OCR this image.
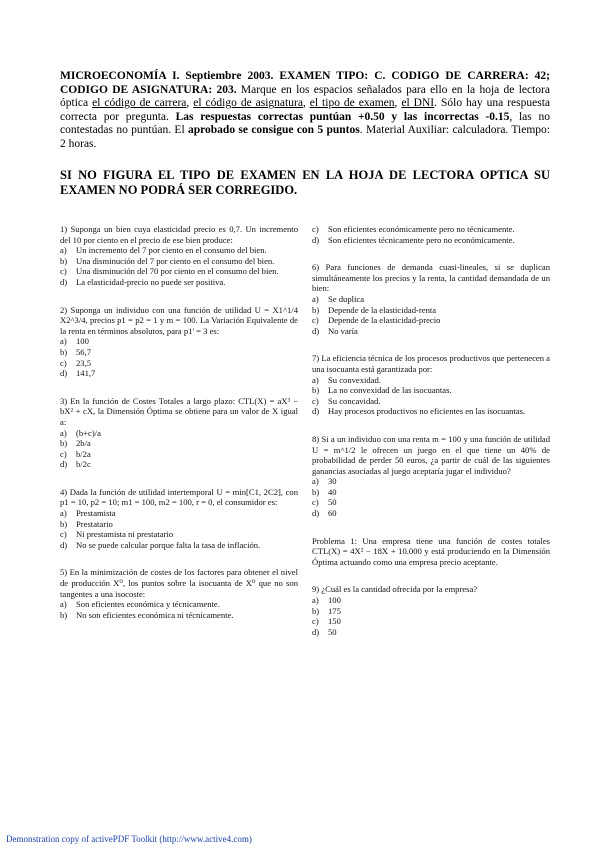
MICROECONOMÍA I. Septiembre 2003. EXAMEN TIPO: C. CODIGO DE CARRERA: 42; CODIGO DE ASIGNATURA: 203. Marque en los espacios señalados para ello en la hoja de lectora óptica el código de carrera, el código de asignatura, el tipo de examen, el DNI. Sólo hay una respuesta correcta por pregunta. Las respuestas correctas puntúan +0.50 y las incorrectas -0.15, las no contestadas no puntúan. El aprobado se consigue con 5 puntos. Material Auxiliar: calculadora. Tiempo: 2 horas.
SI NO FIGURA EL TIPO DE EXAMEN EN LA HOJA DE LECTORA OPTICA SU EXAMEN NO PODRÁ SER CORREGIDO.

1) Suponga un bien cuya elasticidad precio es 0,7. Un incremento del 10 por ciento en el precio de ese bien produce:

a)	Un incremento del 7 por ciento en el consumo del bien.
b)	Una disminución del 7 por ciento en el consumo del bien.
c)	Una disminución del 70 por ciento en el consumo del bien.
d)	La elasticidad-precio no puede ser positiva.

2) Suponga un individuo con una función de utilidad U = X1^1/4 X2^3/4, precios p1 = p2 = 1 y m = 100. La Variación Equivalente de la renta en términos absolutos, para p1' = 3 es:

a)	100
b)	56,7
c)	23,5
d)	141,7

3) En la función de Costes Totales a largo plazo: CTL(X) = aX³ − bX² + cX, la Dimensión Óptima se obtiene para un valor de X igual a:

a)	(b+c)/a
b)	2b/a
c)	b/2a
d)	b/2c

4) Dada la función de utilidad intertemporal U = min[C1, 2C2], con p1 = 10, p2 = 10; m1 = 100, m2 = 100, r = 0, el consumidor es:

a)	Prestamista
b)	Prestatario
c)	Ni prestamista ni prestatario
d)	No se puede calcular porque falta la tasa de inflación.

5) En la minimización de costes de los factores para obtener el nivel de producción X⁰, los puntos sobre la isocuanta de X⁰ que no son tangentes a una isocoste:

a)	Son eficientes económica y técnicamente.
b)	No son eficientes económica ni técnicamente.
c)	Son eficientes económicamente pero no técnicamente.
d)	Son eficientes técnicamente pero no económicamente.

6) Para funciones de demanda cuasi-lineales, si se duplican simultáneamente los precios y la renta, la cantidad demandada de un bien:

a)	Se duplica
b)	Depende de la elasticidad-renta
c)	Depende de la elasticidad-precio
d)	No varía

7) La eficiencia técnica de los procesos productivos que pertenecen a una isocuanta está garantizada por:

a)	Su convexidad.
b)	La no convexidad de las isocuantas.
c)	Su concavidad.
d)	Hay procesos productivos no eficientes en las isocuantas.

8) Si a un individuo con una renta m = 100 y una función de utilidad U = m^1/2 le ofrecen un juego en el que tiene un 40% de probabilidad de perder 50 euros, ¿a partir de cuál de las siguientes ganancias asociadas al juego aceptaría jugar el individuo?

a)	30
b)	40
c)	50
d)	60

Problema 1: Una empresa tiene una función de costes totales CTL(X) = 4X² − 18X + 10.000 y está produciendo en la Dimensión Óptima actuando como una empresa precio aceptante.

9) ¿Cuál es la cantidad ofrecida por la empresa?

a)	100
b)	175
c)	150
d)	50
Demonstration copy of activePDF Toolkit (http://www.active4.com)
